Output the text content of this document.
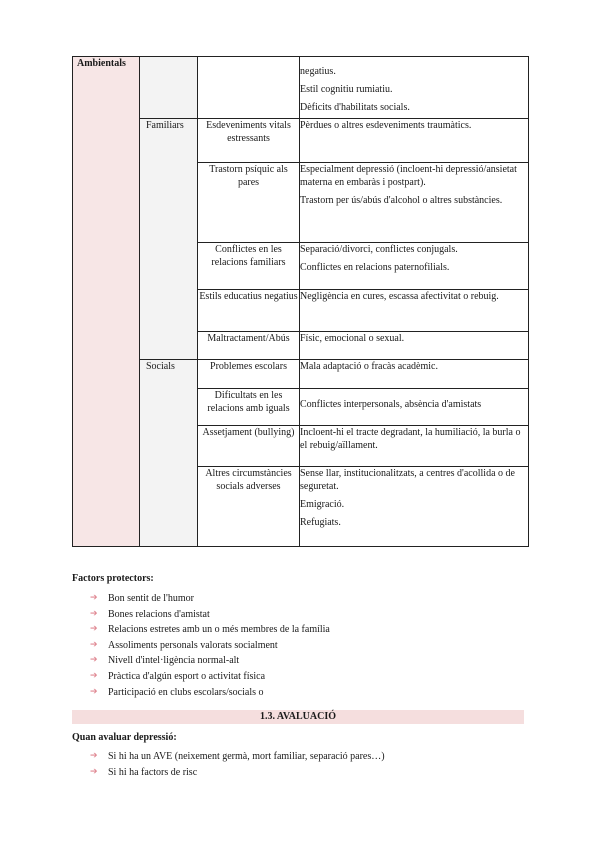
Ambientals			negatius.

Estil cognitiu rumiatiu.

Dèficits d'habilitats socials.

	Familiars	Esdeveniments vitals estressants	Pèrdues o altres esdeveniments traumàtics.

		Trastorn psíquic als pares	Especialment depressió (incloent-hi depressió/ansietat materna en embaràs i postpart).

Trastorn per ús/abús d'alcohol o altres substàncies.

		Conflictes en les relacions familiars	Separació/divorci, conflictes conjugals.

Conflictes en relacions paternofilials.

		Estils educatius negatius	Negligència en cures, escassa afectivitat o rebuig.

		Maltractament/Abús	Físic, emocional o sexual.

	Socials	Problemes escolars	Mala adaptació o fracàs acadèmic.

		Dificultats en les relacions amb iguals	Conflictes interpersonals, absència d'amistats

		Assetjament (bullying)	Incloent-hi el tracte degradant, la humiliació, la burla o el rebuig/aïllament.

		Altres circumstàncies socials adverses	Sense llar, institucionalitzats, a centres d'acollida o de seguretat.

Emigració.

Refugiats.

Factors protectors:
➔ Bon sentit de l'humor
➔ Bones relacions d'amistat
➔ Relacions estretes amb un o més membres de la família
➔ Assoliments personals valorats socialment
➔ Nivell d'intel·ligència normal-alt
➔ Pràctica d'algún esport o activitat física
➔ Participació en clubs escolars/socials o
1.3. AVALUACIÓ
Quan avaluar depressió:
➔ Si hi ha un AVE (neixement germà, mort familiar, separació pares…)
➔ Si hi ha factors de risc
